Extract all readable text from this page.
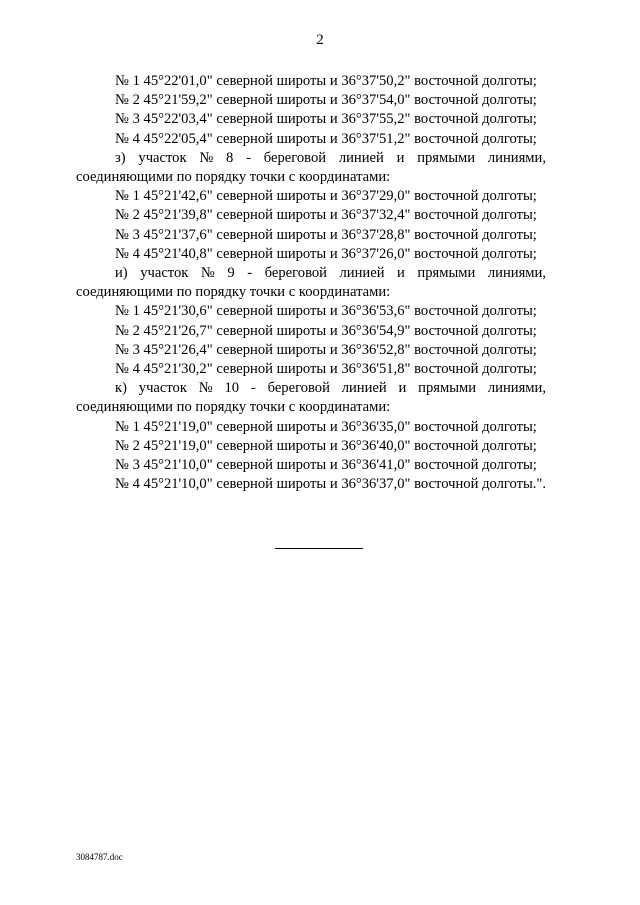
2
№ 1 45°22'01,0" северной широты и 36°37'50,2" восточной долготы;
№ 2 45°21'59,2" северной широты и 36°37'54,0" восточной долготы;
№ 3 45°22'03,4" северной широты и 36°37'55,2" восточной долготы;
№ 4 45°22'05,4" северной широты и 36°37'51,2" восточной долготы;
з) участок № 8 - береговой линией и прямыми линиями,
соединяющими по порядку точки с координатами:
№ 1 45°21'42,6" северной широты и 36°37'29,0" восточной долготы;
№ 2 45°21'39,8" северной широты и 36°37'32,4" восточной долготы;
№ 3 45°21'37,6" северной широты и 36°37'28,8" восточной долготы;
№ 4 45°21'40,8" северной широты и 36°37'26,0" восточной долготы;
и) участок № 9 - береговой линией и прямыми линиями,
соединяющими по порядку точки с координатами:
№ 1 45°21'30,6" северной широты и 36°36'53,6" восточной долготы;
№ 2 45°21'26,7" северной широты и 36°36'54,9" восточной долготы;
№ 3 45°21'26,4" северной широты и 36°36'52,8" восточной долготы;
№ 4 45°21'30,2" северной широты и 36°36'51,8" восточной долготы;
к) участок № 10 - береговой линией и прямыми линиями,
соединяющими по порядку точки с координатами:
№ 1 45°21'19,0" северной широты и 36°36'35,0" восточной долготы;
№ 2 45°21'19,0" северной широты и 36°36'40,0" восточной долготы;
№ 3 45°21'10,0" северной широты и 36°36'41,0" восточной долготы;
№ 4 45°21'10,0" северной широты и 36°36'37,0" восточной долготы.".
3084787.doc
